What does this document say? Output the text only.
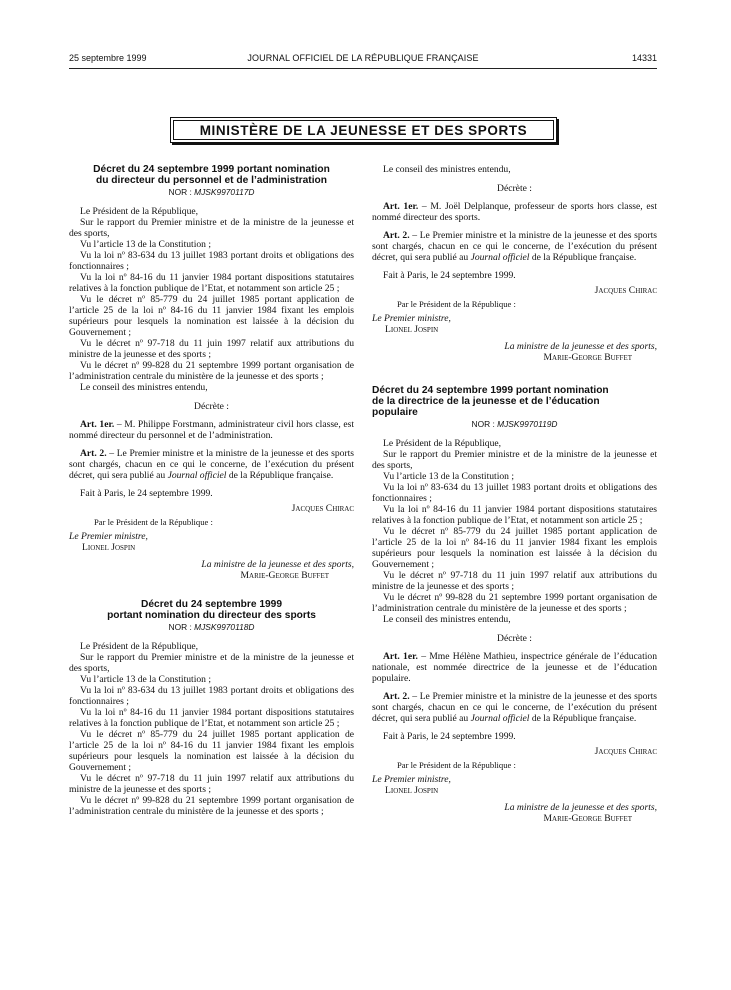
25 septembre 1999	JOURNAL OFFICIEL DE LA RÉPUBLIQUE FRANÇAISE	14331
MINISTÈRE DE LA JEUNESSE ET DES SPORTS

Décret du 24 septembre 1999 portant nomination

du directeur du personnel et de l’administration

NOR : MJSK9970117D

Le Président de la République,

Sur le rapport du Premier ministre et de la ministre de la jeunesse et des sports,

Vu l’article 13 de la Constitution ;

Vu la loi nº 83-634 du 13 juillet 1983 portant droits et obligations des fonctionnaires ;

Vu la loi nº 84-16 du 11 janvier 1984 portant dispositions statutaires relatives à la fonction publique de l’Etat, et notamment son article 25 ;

Vu le décret nº 85-779 du 24 juillet 1985 portant application de l’article 25 de la loi nº 84-16 du 11 janvier 1984 fixant les emplois supérieurs pour lesquels la nomination est laissée à la décision du Gouvernement ;

Vu le décret nº 97-718 du 11 juin 1997 relatif aux attributions du ministre de la jeunesse et des sports ;

Vu le décret nº 99-828 du 21 septembre 1999 portant organisation de l’administration centrale du ministère de la jeunesse et des sports ;

Le conseil des ministres entendu,

Décrète :

Art. 1er. – M. Philippe Forstmann, administrateur civil hors classe, est nommé directeur du personnel et de l’administration.

Art. 2. – Le Premier ministre et la ministre de la jeunesse et des sports sont chargés, chacun en ce qui le concerne, de l’exécution du présent décret, qui sera publié au Journal officiel de la République française.

Fait à Paris, le 24 septembre 1999.

Jacques Chirac

Par le Président de la République :

Le Premier ministre,

Lionel Jospin

La ministre de la jeunesse et des sports,

Marie-George Buffet

Décret du 24 septembre 1999

portant nomination du directeur des sports

NOR : MJSK9970118D

Le Président de la République,

Sur le rapport du Premier ministre et de la ministre de la jeunesse et des sports,

Vu l’article 13 de la Constitution ;

Vu la loi nº 83-634 du 13 juillet 1983 portant droits et obligations des fonctionnaires ;

Vu la loi nº 84-16 du 11 janvier 1984 portant dispositions statutaires relatives à la fonction publique de l’Etat, et notamment son article 25 ;

Vu le décret nº 85-779 du 24 juillet 1985 portant application de l’article 25 de la loi nº 84-16 du 11 janvier 1984 fixant les emplois supérieurs pour lesquels la nomination est laissée à la décision du Gouvernement ;

Vu le décret nº 97-718 du 11 juin 1997 relatif aux attributions du ministre de la jeunesse et des sports ;

Vu le décret nº 99-828 du 21 septembre 1999 portant organisation de l’administration centrale du ministère de la jeunesse et des sports ;

Le conseil des ministres entendu,

Décrète :

Art. 1er. – M. Joël Delplanque, professeur de sports hors classe, est nommé directeur des sports.

Art. 2. – Le Premier ministre et la ministre de la jeunesse et des sports sont chargés, chacun en ce qui le concerne, de l’exécution du présent décret, qui sera publié au Journal officiel de la République française.

Fait à Paris, le 24 septembre 1999.

Jacques Chirac

Par le Président de la République :

Le Premier ministre,

Lionel Jospin

La ministre de la jeunesse et des sports,

Marie-George Buffet

Décret du 24 septembre 1999 portant nomination

de la directrice de la jeunesse et de l’éducation

populaire

NOR : MJSK9970119D

Le Président de la République,

Sur le rapport du Premier ministre et de la ministre de la jeunesse et des sports,

Vu l’article 13 de la Constitution ;

Vu la loi nº 83-634 du 13 juillet 1983 portant droits et obligations des fonctionnaires ;

Vu la loi nº 84-16 du 11 janvier 1984 portant dispositions statutaires relatives à la fonction publique de l’Etat, et notamment son article 25 ;

Vu le décret nº 85-779 du 24 juillet 1985 portant application de l’article 25 de la loi nº 84-16 du 11 janvier 1984 fixant les emplois supérieurs pour lesquels la nomination est laissée à la décision du Gouvernement ;

Vu le décret nº 97-718 du 11 juin 1997 relatif aux attributions du ministre de la jeunesse et des sports ;

Vu le décret nº 99-828 du 21 septembre 1999 portant organisation de l’administration centrale du ministère de la jeunesse et des sports ;

Le conseil des ministres entendu,

Décrète :

Art. 1er. – Mme Hélène Mathieu, inspectrice générale de l’éducation nationale, est nommée directrice de la jeunesse et de l’éducation populaire.

Art. 2. – Le Premier ministre et la ministre de la jeunesse et des sports sont chargés, chacun en ce qui le concerne, de l’exécution du présent décret, qui sera publié au Journal officiel de la République française.

Fait à Paris, le 24 septembre 1999.

Jacques Chirac

Par le Président de la République :

Le Premier ministre,

Lionel Jospin

La ministre de la jeunesse et des sports,

Marie-George Buffet
